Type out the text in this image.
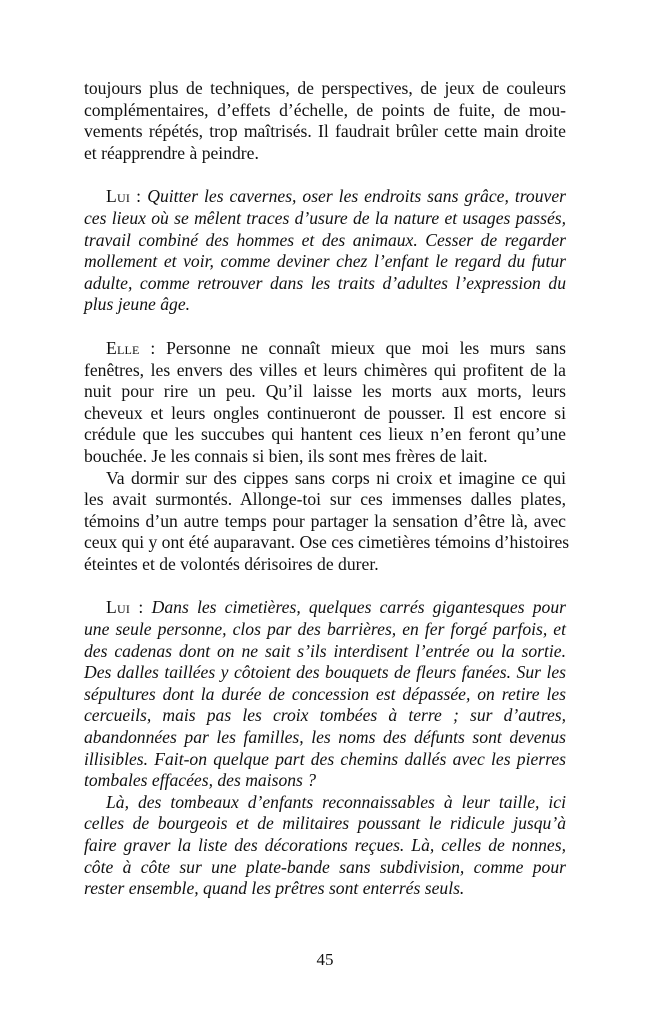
toujours plus de techniques, de perspectives, de jeux de couleurs
complémentaires, d’effets d’échelle, de points de fuite, de mou-
vements répétés, trop maîtrisés. Il faudrait brûler cette main droite
et réapprendre à peindre.
Lui : Quitter les cavernes, oser les endroits sans grâce, trouver
ces lieux où se mêlent traces d’usure de la nature et usages passés,
travail combiné des hommes et des animaux. Cesser de regarder
mollement et voir, comme deviner chez l’enfant le regard du futur
adulte, comme retrouver dans les traits d’adultes l’expression du
plus jeune âge.
Elle : Personne ne connaît mieux que moi les murs sans
fenêtres, les envers des villes et leurs chimères qui profitent de la
nuit pour rire un peu. Qu’il laisse les morts aux morts, leurs
cheveux et leurs ongles continueront de pousser. Il est encore si
crédule que les succubes qui hantent ces lieux n’en feront qu’une
bouchée. Je les connais si bien, ils sont mes frères de lait.
Va dormir sur des cippes sans corps ni croix et imagine ce qui
les avait surmontés. Allonge-toi sur ces immenses dalles plates,
témoins d’un autre temps pour partager la sensation d’être là, avec
ceux qui y ont été auparavant. Ose ces cimetières témoins d’histoires
éteintes et de volontés dérisoires de durer.
Lui : Dans les cimetières, quelques carrés gigantesques pour
une seule personne, clos par des barrières, en fer forgé parfois, et
des cadenas dont on ne sait s’ils interdisent l’entrée ou la sortie.
Des dalles taillées y côtoient des bouquets de fleurs fanées. Sur les
sépultures dont la durée de concession est dépassée, on retire les
cercueils, mais pas les croix tombées à terre ; sur d’autres,
abandonnées par les familles, les noms des défunts sont devenus
illisibles. Fait-on quelque part des chemins dallés avec les pierres
tombales effacées, des maisons ?
Là, des tombeaux d’enfants reconnaissables à leur taille, ici
celles de bourgeois et de militaires poussant le ridicule jusqu’à
faire graver la liste des décorations reçues. Là, celles de nonnes,
côte à côte sur une plate-bande sans subdivision, comme pour
rester ensemble, quand les prêtres sont enterrés seuls.
45
